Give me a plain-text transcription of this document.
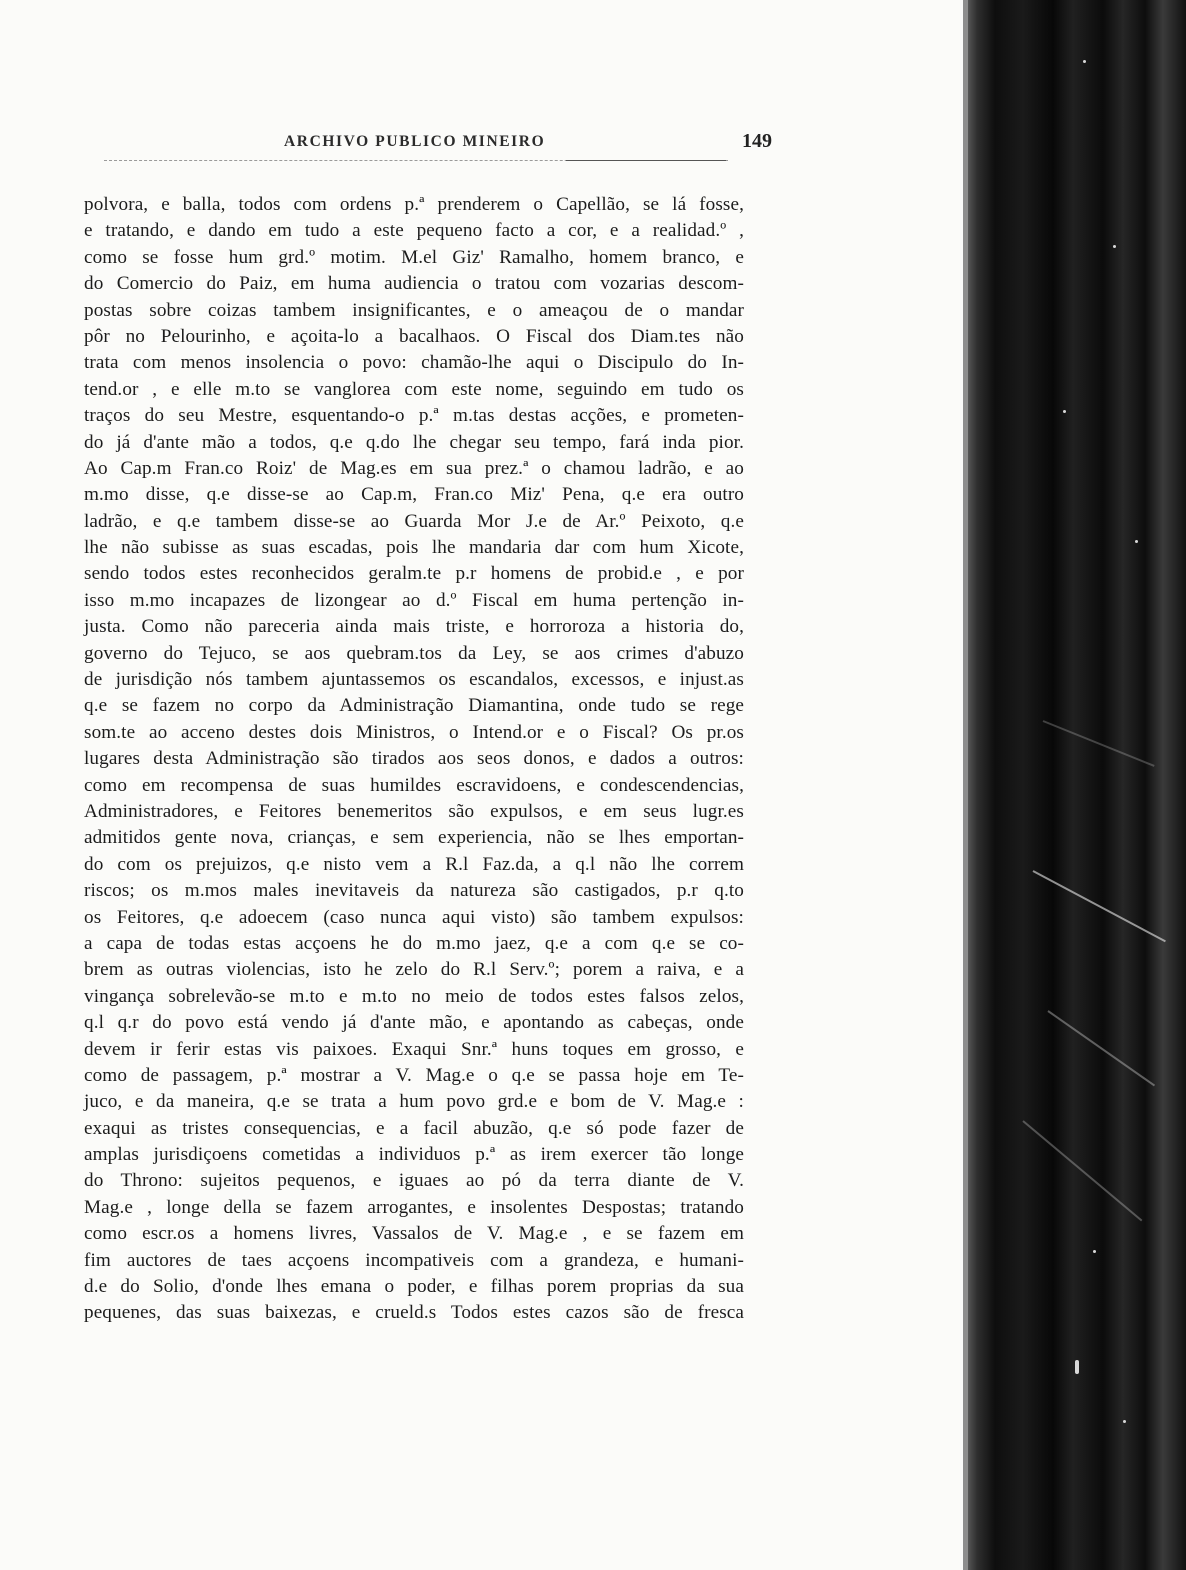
ARCHIVO PUBLICO MINEIRO	149
polvora, e balla, todos com ordens p.ª prenderem o Capellão, se lá fosse,
e tratando, e dando em tudo a este pequeno facto a cor, e a realidad.º ,
como se fosse hum grd.º motim. M.el Giz' Ramalho, homem branco, e
do Comercio do Paiz, em huma audiencia o tratou com vozarias descom-
postas sobre coizas tambem insignificantes, e o ameaçou de o mandar
pôr no Pelourinho, e açoita-lo a bacalhaos. O Fiscal dos Diam.tes não
trata com menos insolencia o povo: chamão-lhe aqui o Discipulo do In-
tend.or , e elle m.to se vanglorea com este nome, seguindo em tudo os
traços do seu Mestre, esquentando-o p.ª m.tas destas acções, e prometen-
do já d'ante mão a todos, q.e q.do lhe chegar seu tempo, fará inda pior.
Ao Cap.m Fran.co Roiz' de Mag.es em sua prez.ª o chamou ladrão, e ao
m.mo disse, q.e disse-se ao Cap.m, Fran.co Miz' Pena, q.e era outro
ladrão, e q.e tambem disse-se ao Guarda Mor J.e de Ar.º Peixoto, q.e
lhe não subisse as suas escadas, pois lhe mandaria dar com hum Xicote,
sendo todos estes reconhecidos geralm.te p.r homens de probid.e , e por
isso m.mo incapazes de lizongear ao d.º Fiscal em huma pertenção in-
justa. Como não pareceria ainda mais triste, e horroroza a historia do,
governo do Tejuco, se aos quebram.tos da Ley, se aos crimes d'abuzo
de jurisdição nós tambem ajuntassemos os escandalos, excessos, e injust.as
q.e se fazem no corpo da Administração Diamantina, onde tudo se rege
som.te ao acceno destes dois Ministros, o Intend.or e o Fiscal? Os pr.os
lugares desta Administração são tirados aos seos donos, e dados a outros:
como em recompensa de suas humildes escravidoens, e condescendencias,
Administradores, e Feitores benemeritos são expulsos, e em seus lugr.es
admitidos gente nova, crianças, e sem experiencia, não se lhes emportan-
do com os prejuizos, q.e nisto vem a R.l Faz.da, a q.l não lhe correm
riscos; os m.mos males inevitaveis da natureza são castigados, p.r q.to
os Feitores, q.e adoecem (caso nunca aqui visto) são tambem expulsos:
a capa de todas estas acçoens he do m.mo jaez, q.e a com q.e se co-
brem as outras violencias, isto he zelo do R.l Serv.º; porem a raiva, e a
vingança sobrelevão-se m.to e m.to no meio de todos estes falsos zelos,
q.l q.r do povo está vendo já d'ante mão, e apontando as cabeças, onde
devem ir ferir estas vis paixoes. Exaqui Snr.ª huns toques em grosso, e
como de passagem, p.ª mostrar a V. Mag.e o q.e se passa hoje em Te-
juco, e da maneira, q.e se trata a hum povo grd.e e bom de V. Mag.e :
exaqui as tristes consequencias, e a facil abuzão, q.e só pode fazer de
amplas jurisdiçoens cometidas a individuos p.ª as irem exercer tão longe
do Throno: sujeitos pequenos, e iguaes ao pó da terra diante de V.
Mag.e , longe della se fazem arrogantes, e insolentes Despostas; tratando
como escr.os a homens livres, Vassalos de V. Mag.e , e se fazem em
fim auctores de taes acçoens incompativeis com a grandeza, e humani-
d.e do Solio, d'onde lhes emana o poder, e filhas porem proprias da sua
pequenes, das suas baixezas, e crueld.s Todos estes cazos são de fresca
